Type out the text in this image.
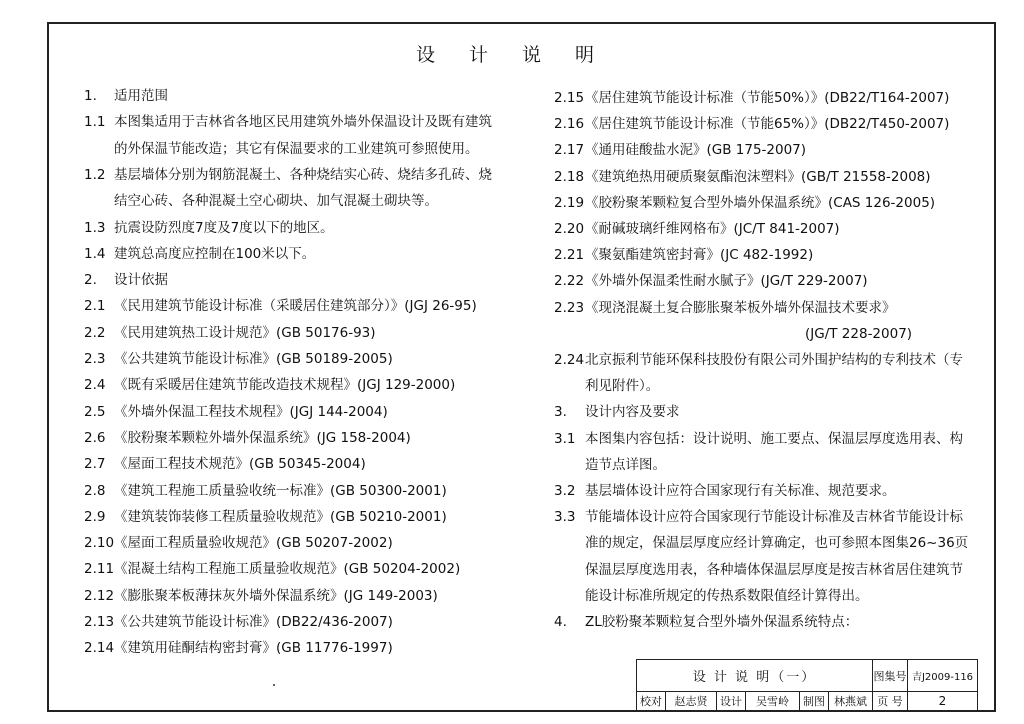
设 计 说 明
1. 适用范围
1.1 本图集适用于吉林省各地区民用建筑外墙外保温设计及既有建筑
的外保温节能改造；其它有保温要求的工业建筑可参照使用。
1.2 基层墙体分别为钢筋混凝土、各种烧结实心砖、烧结多孔砖、烧
结空心砖、各种混凝土空心砌块、加气混凝土砌块等。
1.3 抗震设防烈度7度及7度以下的地区。
1.4 建筑总高度应控制在100米以下。
2. 设计依据
2.1 《民用建筑节能设计标准（采暖居住建筑部分）》(JGJ 26-95)
2.2 《民用建筑热工设计规范》(GB 50176-93)
2.3 《公共建筑节能设计标准》(GB 50189-2005)
2.4 《既有采暖居住建筑节能改造技术规程》(JGJ 129-2000)
2.5 《外墙外保温工程技术规程》(JGJ 144-2004)
2.6 《胶粉聚苯颗粒外墙外保温系统》(JG 158-2004)
2.7 《屋面工程技术规范》(GB 50345-2004)
2.8 《建筑工程施工质量验收统一标准》(GB 50300-2001)
2.9 《建筑装饰装修工程质量验收规范》(GB 50210-2001)
2.10 《屋面工程质量验收规范》(GB 50207-2002)
2.11 《混凝土结构工程施工质量验收规范》(GB 50204-2002)
2.12 《膨胀聚苯板薄抹灰外墙外保温系统》(JG 149-2003)
2.13 《公共建筑节能设计标准》(DB22/436-2007)
2.14 《建筑用硅酮结构密封膏》(GB 11776-1997)
2.15 《居住建筑节能设计标准（节能50%）》(DB22/T164-2007)
2.16 《居住建筑节能设计标准（节能65%）》(DB22/T450-2007)
2.17 《通用硅酸盐水泥》(GB 175-2007)
2.18 《建筑绝热用硬质聚氨酯泡沫塑料》(GB/T 21558-2008)
2.19 《胶粉聚苯颗粒复合型外墙外保温系统》(CAS 126-2005)
2.20 《耐碱玻璃纤维网格布》(JC/T 841-2007)
2.21 《聚氨酯建筑密封膏》(JC 482-1992)
2.22 《外墙外保温柔性耐水腻子》(JG/T 229-2007)
2.23 《现浇混凝土复合膨胀聚苯板外墙外保温技术要求》
(JG/T 228-2007)
2.24 北京振利节能环保科技股份有限公司外围护结构的专利技术（专
利见附件）。
3. 设计内容及要求
3.1 本图集内容包括：设计说明、施工要点、保温层厚度选用表、构
造节点详图。
3.2 基层墙体设计应符合国家现行有关标准、规范要求。
3.3 节能墙体设计应符合国家现行节能设计标准及吉林省节能设计标
准的规定，保温层厚度应经计算确定，也可参照本图集26~36页
保温层厚度选用表，各种墙体保温层厚度是按吉林省居住建筑节
能设计标准所规定的传热系数限值经计算得出。
4. ZL胶粉聚苯颗粒复合型外墙外保温系统特点：
设 计 说 明（一）	图集号 吉J2009-116
校对	赵志贤	设计	吴雪岭	制图 林燕斌 页 号	2
